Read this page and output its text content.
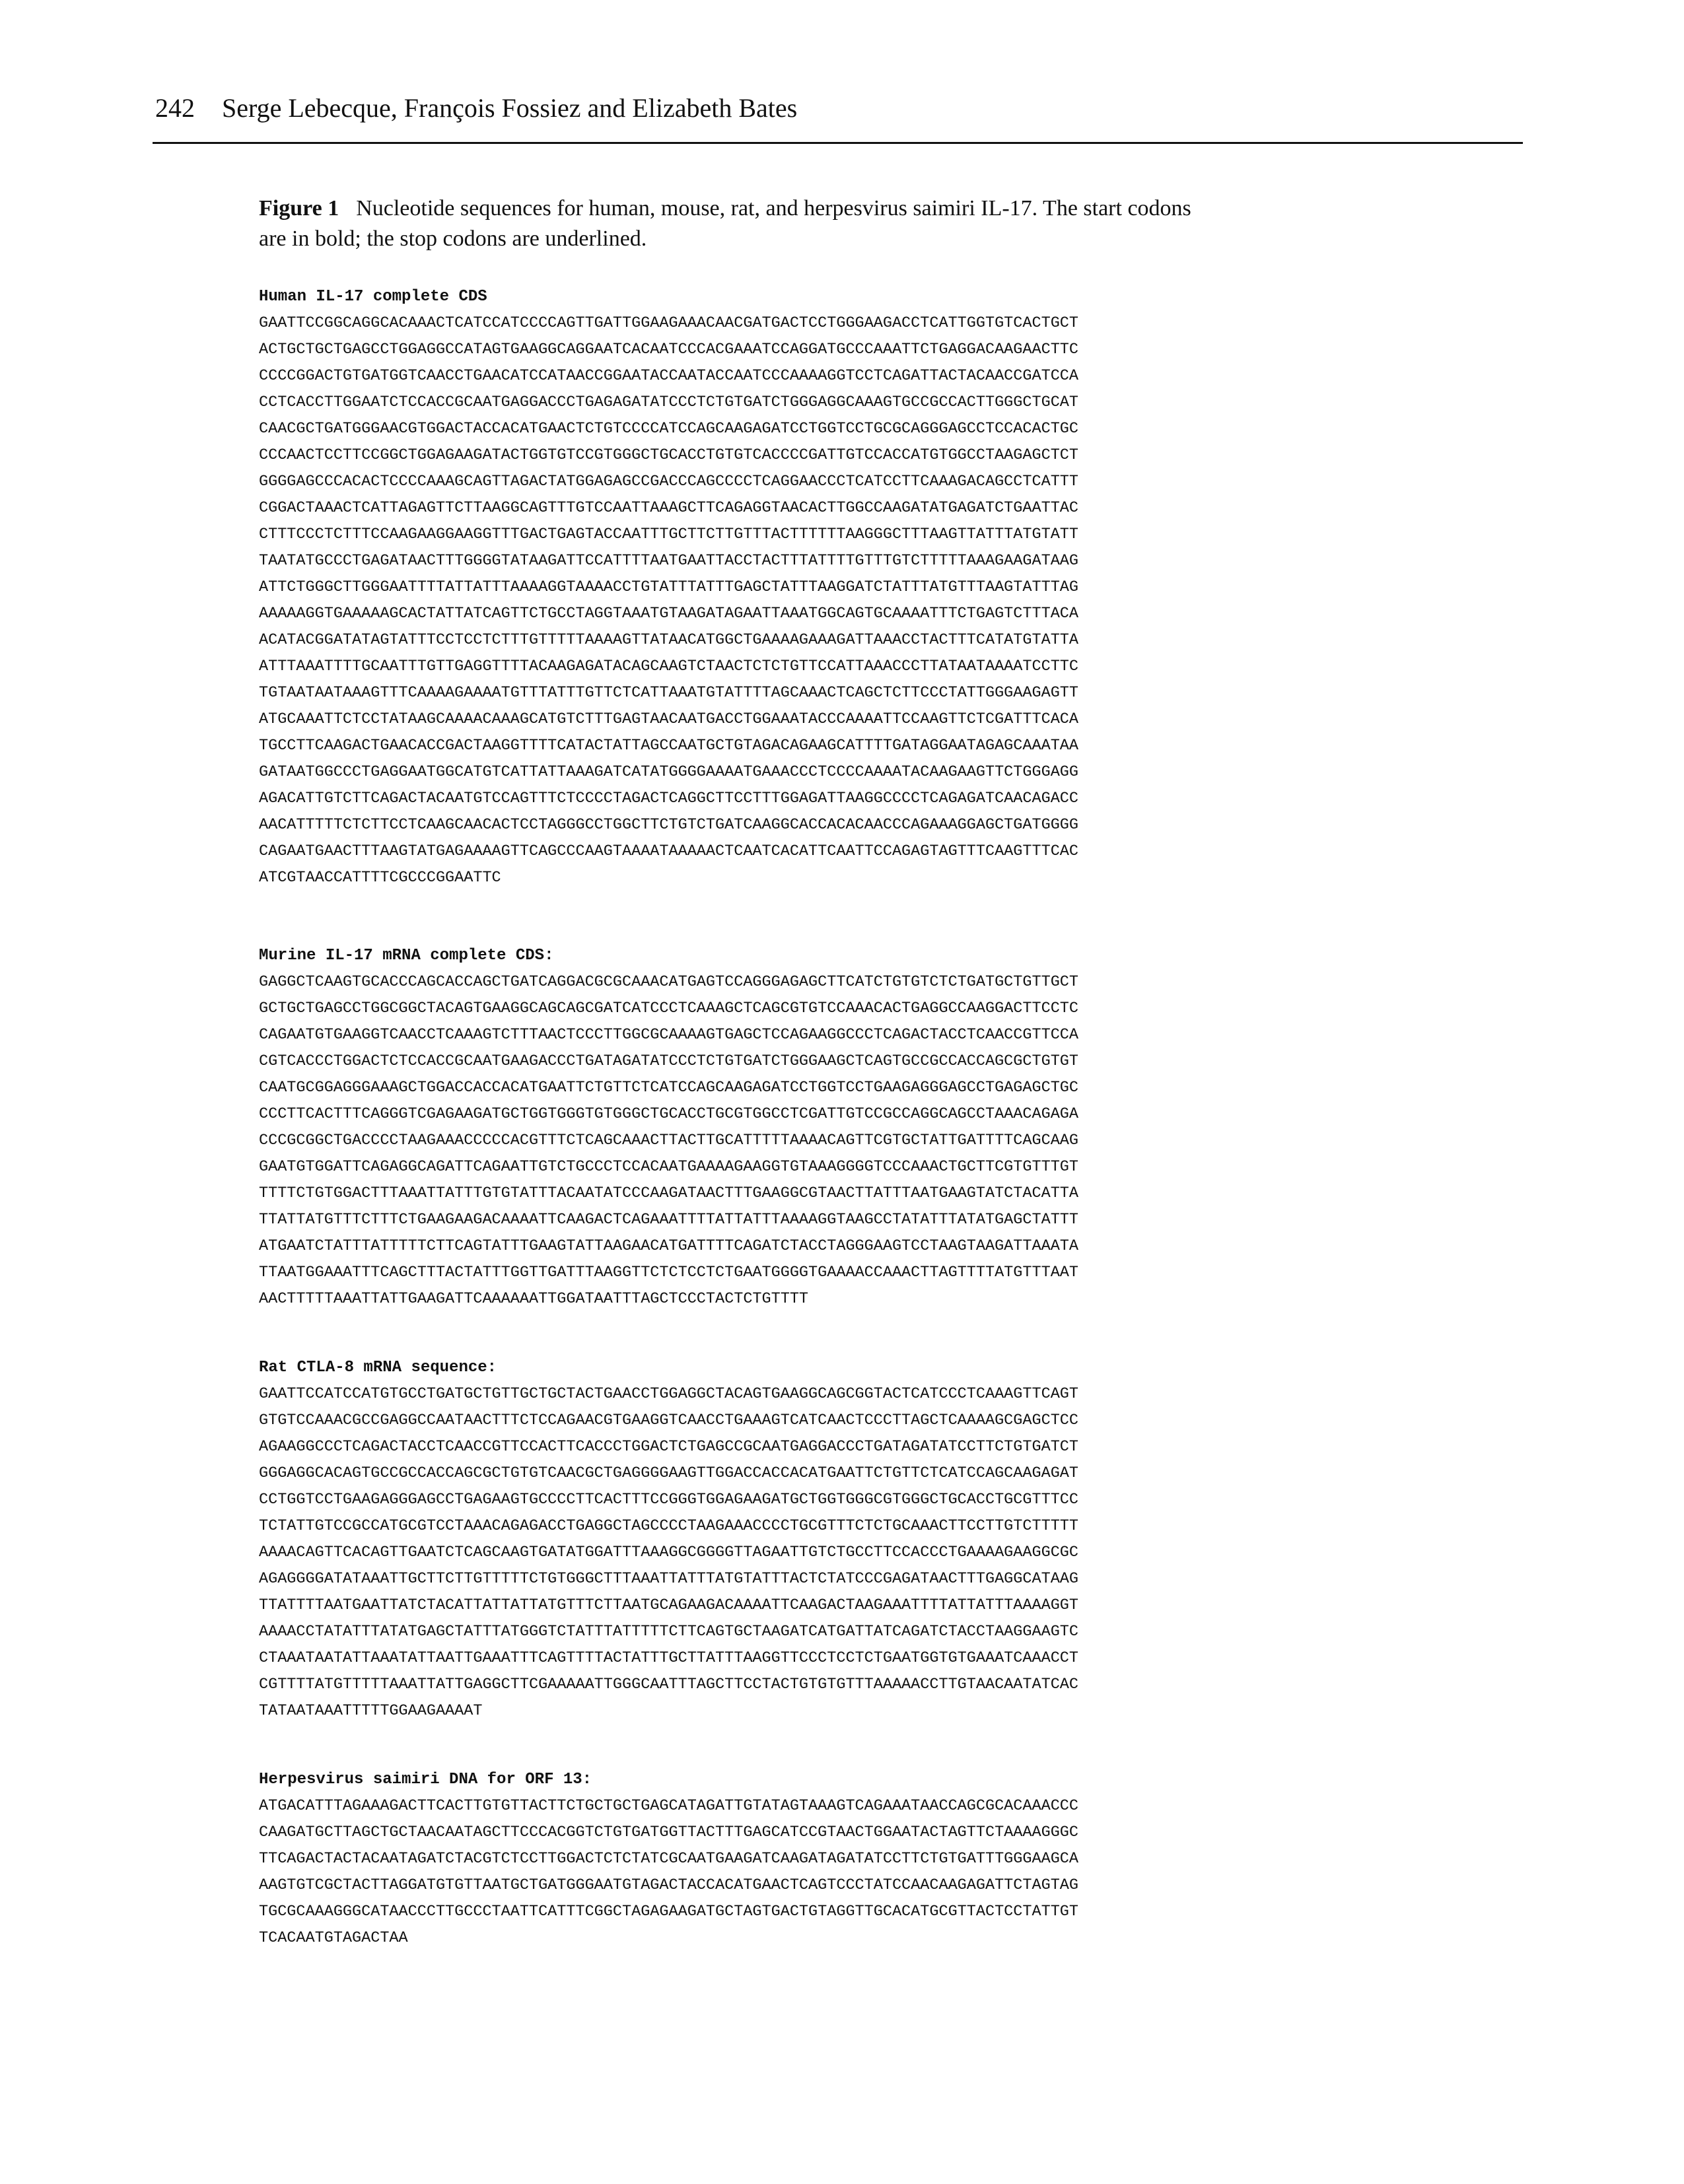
242 Serge Lebecque, François Fossiez and Elizabeth Bates
Figure 1 Nucleotide sequences for human, mouse, rat, and herpesvirus saimiri IL-17. The start codons
are in bold; the stop codons are underlined.
Human IL-17 complete CDS
GAATTCCGGCAGGCACAAACTCATCCATCCCCAGTTGATTGGAAGAAACAACGATGACTCCTGGGAAGACCTCATTGGTGTCACTGCT
ACTGCTGCTGAGCCTGGAGGCCATAGTGAAGGCAGGAATCACAATCCCACGAAATCCAGGATGCCCAAATTCTGAGGACAAGAACTTC
CCCCGGACTGTGATGGTCAACCTGAACATCCATAACCGGAATACCAATACCAATCCCAAAAGGTCCTCAGATTACTACAACCGATCCA
CCTCACCTTGGAATCTCCACCGCAATGAGGACCCTGAGAGATATCCCTCTGTGATCTGGGAGGCAAAGTGCCGCCACTTGGGCTGCAT
CAACGCTGATGGGAACGTGGACTACCACATGAACTCTGTCCCCATCCAGCAAGAGATCCTGGTCCTGCGCAGGGAGCCTCCACACTGC
CCCAACTCCTTCCGGCTGGAGAAGATACTGGTGTCCGTGGGCTGCACCTGTGTCACCCCGATTGTCCACCATGTGGCCTAAGAGCTCT
GGGGAGCCCACACTCCCCAAAGCAGTTAGACTATGGAGAGCCGACCCAGCCCCTCAGGAACCCTCATCCTTCAAAGACAGCCTCATTT
CGGACTAAACTCATTAGAGTTCTTAAGGCAGTTTGTCCAATTAAAGCTTCAGAGGTAACACTTGGCCAAGATATGAGATCTGAATTAC
CTTTCCCTCTTTCCAAGAAGGAAGGTTTGACTGAGTACCAATTTGCTTCTTGTTTACTTTTTTAAGGGCTTTAAGTTATTTATGTATT
TAATATGCCCTGAGATAACTTTGGGGTATAAGATTCCATTTTAATGAATTACCTACTTTATTTTGTTTGTCTTTTTAAAGAAGATAAG
ATTCTGGGCTTGGGAATTTTATTATTTAAAAGGTAAAACCTGTATTTATTTGAGCTATTTAAGGATCTATTTATGTTTAAGTATTTAG
AAAAAGGTGAAAAAGCACTATTATCAGTTCTGCCTAGGTAAATGTAAGATAGAATTAAATGGCAGTGCAAAATTTCTGAGTCTTTACA
ACATACGGATATAGTATTTCCTCCTCTTTGTTTTTAAAAGTTATAACATGGCTGAAAAGAAAGATTAAACCTACTTTCATATGTATTA
ATTTAAATTTTGCAATTTGTTGAGGTTTTACAAGAGATACAGCAAGTCTAACTCTCTGTTCCATTAAACCCTTATAATAAAATCCTTC
TGTAATAATAAAGTTTCAAAAGAAAATGTTTATTTGTTCTCATTAAATGTATTTTAGCAAACTCAGCTCTTCCCTATTGGGAAGAGTT
ATGCAAATTCTCCTATAAGCAAAACAAAGCATGTCTTTGAGTAACAATGACCTGGAAATACCCAAAATTCCAAGTTCTCGATTTCACA
TGCCTTCAAGACTGAACACCGACTAAGGTTTTCATACTATTAGCCAATGCTGTAGACAGAAGCATTTTGATAGGAATAGAGCAAATAA
GATAATGGCCCTGAGGAATGGCATGTCATTATTAAAGATCATATGGGGAAAATGAAACCCTCCCCAAAATACAAGAAGTTCTGGGAGG
AGACATTGTCTTCAGACTACAATGTCCAGTTTCTCCCCTAGACTCAGGCTTCCTTTGGAGATTAAGGCCCCTCAGAGATCAACAGACC
AACATTTTTCTCTTCCTCAAGCAACACTCCTAGGGCCTGGCTTCTGTCTGATCAAGGCACCACACAACCCAGAAAGGAGCTGATGGGG
CAGAATGAACTTTAAGTATGAGAAAAGTTCAGCCCAAGTAAAATAAAAACTCAATCACATTCAATTCCAGAGTAGTTTCAAGTTTCAC
ATCGTAACCATTTTCGCCCGGAATTC
Murine IL-17 mRNA complete CDS:
GAGGCTCAAGTGCACCCAGCACCAGCTGATCAGGACGCGCAAACATGAGTCCAGGGAGAGCTTCATCTGTGTCTCTGATGCTGTTGCT
GCTGCTGAGCCTGGCGGCTACAGTGAAGGCAGCAGCGATCATCCCTCAAAGCTCAGCGTGTCCAAACACTGAGGCCAAGGACTTCCTC
CAGAATGTGAAGGTCAACCTCAAAGTCTTTAACTCCCTTGGCGCAAAAGTGAGCTCCAGAAGGCCCTCAGACTACCTCAACCGTTCCA
CGTCACCCTGGACTCTCCACCGCAATGAAGACCCTGATAGATATCCCTCTGTGATCTGGGAAGCTCAGTGCCGCCACCAGCGCTGTGT
CAATGCGGAGGGAAAGCTGGACCACCACATGAATTCTGTTCTCATCCAGCAAGAGATCCTGGTCCTGAAGAGGGAGCCTGAGAGCTGC
CCCTTCACTTTCAGGGTCGAGAAGATGCTGGTGGGTGTGGGCTGCACCTGCGTGGCCTCGATTGTCCGCCAGGCAGCCTAAACAGAGA
CCCGCGGCTGACCCCTAAGAAACCCCCACGTTTCTCAGCAAACTTACTTGCATTTTTAAAACAGTTCGTGCTATTGATTTTCAGCAAG
GAATGTGGATTCAGAGGCAGATTCAGAATTGTCTGCCCTCCACAATGAAAAGAAGGTGTAAAGGGGTCCCAAACTGCTTCGTGTTTGT
TTTTCTGTGGACTTTAAATTATTTGTGTATTTACAATATCCCAAGATAACTTTGAAGGCGTAACTTATTTAATGAAGTATCTACATTA
TTATTATGTTTCTTTCTGAAGAAGACAAAATTCAAGACTCAGAAATTTTATTATTTAAAAGGTAAGCCTATATTTATATGAGCTATTT
ATGAATCTATTTATTTTTCTTCAGTATTTGAAGTATTAAGAACATGATTTTCAGATCTACCTAGGGAAGTCCTAAGTAAGATTAAATA
TTAATGGAAATTTCAGCTTTACTATTTGGTTGATTTAAGGTTCTCTCCTCTGAATGGGGTGAAAACCAAACTTAGTTTTATGTTTAAT
AACTTTTTAAATTATTGAAGATTCAAAAAATTGGATAATTTAGCTCCCTACTCTGTTTT
Rat CTLA-8 mRNA sequence:
GAATTCCATCCATGTGCCTGATGCTGTTGCTGCTACTGAACCTGGAGGCTACAGTGAAGGCAGCGGTACTCATCCCTCAAAGTTCAGT
GTGTCCAAACGCCGAGGCCAATAACTTTCTCCAGAACGTGAAGGTCAACCTGAAAGTCATCAACTCCCTTAGCTCAAAAGCGAGCTCC
AGAAGGCCCTCAGACTACCTCAACCGTTCCACTTCACCCTGGACTCTGAGCCGCAATGAGGACCCTGATAGATATCCTTCTGTGATCT
GGGAGGCACAGTGCCGCCACCAGCGCTGTGTCAACGCTGAGGGGAAGTTGGACCACCACATGAATTCTGTTCTCATCCAGCAAGAGAT
CCTGGTCCTGAAGAGGGAGCCTGAGAAGTGCCCCTTCACTTTCCGGGTGGAGAAGATGCTGGTGGGCGTGGGCTGCACCTGCGTTTCC
TCTATTGTCCGCCATGCGTCCTAAACAGAGACCTGAGGCTAGCCCCTAAGAAACCCCTGCGTTTCTCTGCAAACTTCCTTGTCTTTTT
AAAACAGTTCACAGTTGAATCTCAGCAAGTGATATGGATTTAAAGGCGGGGTTAGAATTGTCTGCCTTCCACCCTGAAAAGAAGGCGC
AGAGGGGATATAAATTGCTTCTTGTTTTTCTGTGGGCTTTAAATTATTTATGTATTTACTCTATCCCGAGATAACTTTGAGGCATAAG
TTATTTTAATGAATTATCTACATTATTATTATGTTTCTTAATGCAGAAGACAAAATTCAAGACTAAGAAATTTTATTATTTAAAAGGT
AAAACCTATATTTATATGAGCTATTTATGGGTCTATTTATTTTTCTTCAGTGCTAAGATCATGATTATCAGATCTACCTAAGGAAGTC
CTAAATAATATTAAATATTAATTGAAATTTCAGTTTTACTATTTGCTTATTTAAGGTTCCCTCCTCTGAATGGTGTGAAATCAAACCT
CGTTTTATGTTTTTAAATTATTGAGGCTTCGAAAAATTGGGCAATTTAGCTTCCTACTGTGTGTTTAAAAACCTTGTAACAATATCAC
TATAATAAATTTTTGGAAGAAAAT
Herpesvirus saimiri DNA for ORF 13:
ATGACATTTAGAAAGACTTCACTTGTGTTACTTCTGCTGCTGAGCATAGATTGTATAGTAAAGTCAGAAATAACCAGCGCACAAACCC
CAAGATGCTTAGCTGCTAACAATAGCTTCCCACGGTCTGTGATGGTTACTTTGAGCATCCGTAACTGGAATACTAGTTCTAAAAGGGC
TTCAGACTACTACAATAGATCTACGTCTCCTTGGACTCTCTATCGCAATGAAGATCAAGATAGATATCCTTCTGTGATTTGGGAAGCA
AAGTGTCGCTACTTAGGATGTGTTAATGCTGATGGGAATGTAGACTACCACATGAACTCAGTCCCTATCCAACAAGAGATTCTAGTAG
TGCGCAAAGGGCATAACCCTTGCCCTAATTCATTTCGGCTAGAGAAGATGCTAGTGACTGTAGGTTGCACATGCGTTACTCCTATTGT
TCACAATGTAGACTAA
